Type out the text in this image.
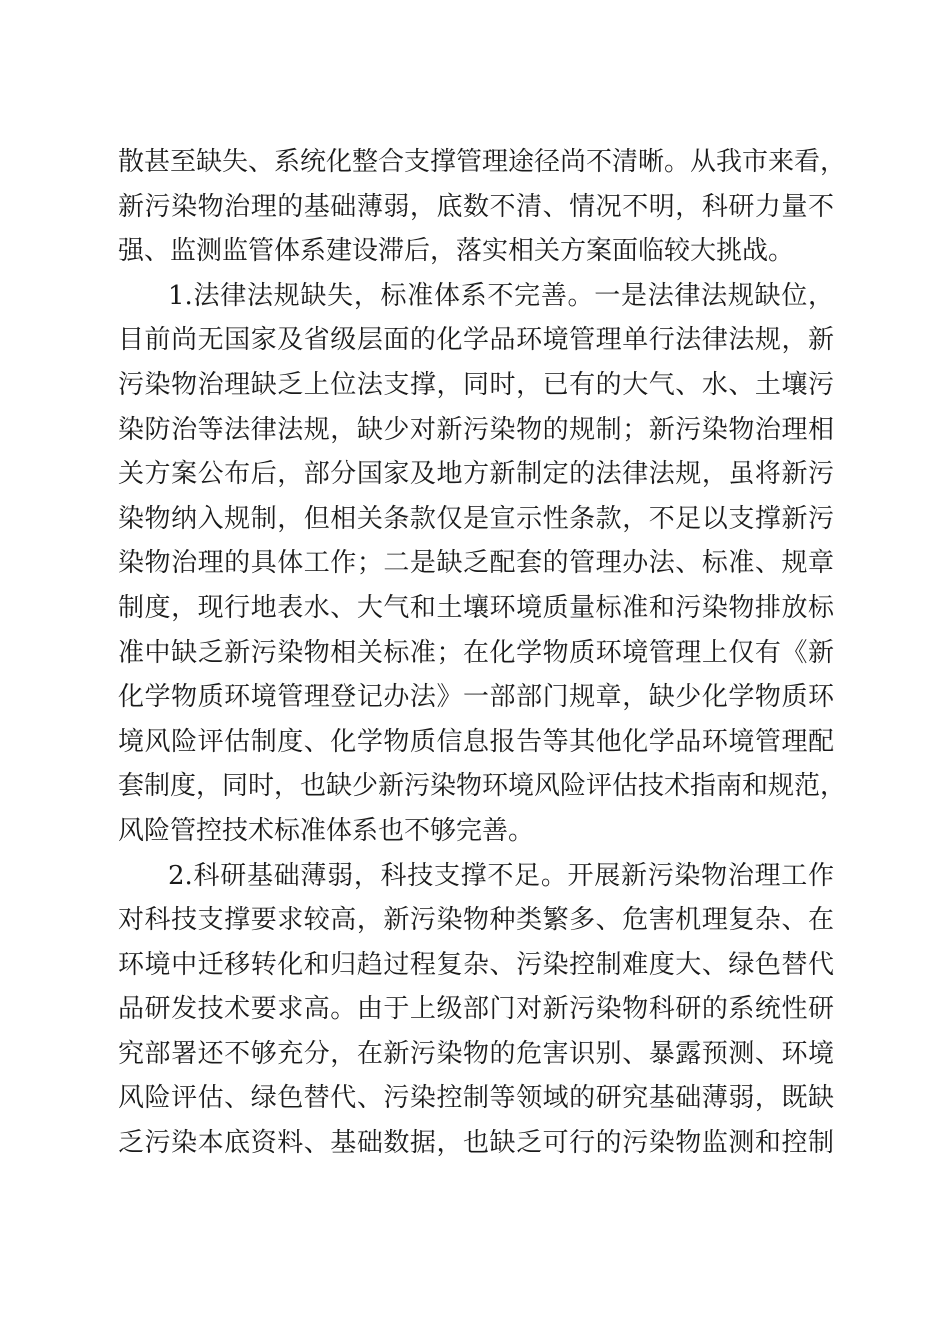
散甚至缺失、系统化整合支撑管理途径尚不清晰。从我市来看，
新污染物治理的基础薄弱，底数不清、情况不明，科研力量不
强、监测监管体系建设滞后，落实相关方案面临较大挑战。
1.法律法规缺失，标准体系不完善。一是法律法规缺位，
目前尚无国家及省级层面的化学品环境管理单行法律法规，新
污染物治理缺乏上位法支撑，同时，已有的大气、水、土壤污
染防治等法律法规，缺少对新污染物的规制；新污染物治理相
关方案公布后，部分国家及地方新制定的法律法规，虽将新污
染物纳入规制，但相关条款仅是宣示性条款，不足以支撑新污
染物治理的具体工作；二是缺乏配套的管理办法、标准、规章
制度，现行地表水、大气和土壤环境质量标准和污染物排放标
准中缺乏新污染物相关标准；在化学物质环境管理上仅有《新
化学物质环境管理登记办法》一部部门规章，缺少化学物质环
境风险评估制度、化学物质信息报告等其他化学品环境管理配
套制度，同时，也缺少新污染物环境风险评估技术指南和规范，
风险管控技术标准体系也不够完善。
2.科研基础薄弱，科技支撑不足。开展新污染物治理工作
对科技支撑要求较高，新污染物种类繁多、危害机理复杂、在
环境中迁移转化和归趋过程复杂、污染控制难度大、绿色替代
品研发技术要求高。由于上级部门对新污染物科研的系统性研
究部署还不够充分，在新污染物的危害识别、暴露预测、环境
风险评估、绿色替代、污染控制等领域的研究基础薄弱，既缺
乏污染本底资料、基础数据，也缺乏可行的污染物监测和控制
